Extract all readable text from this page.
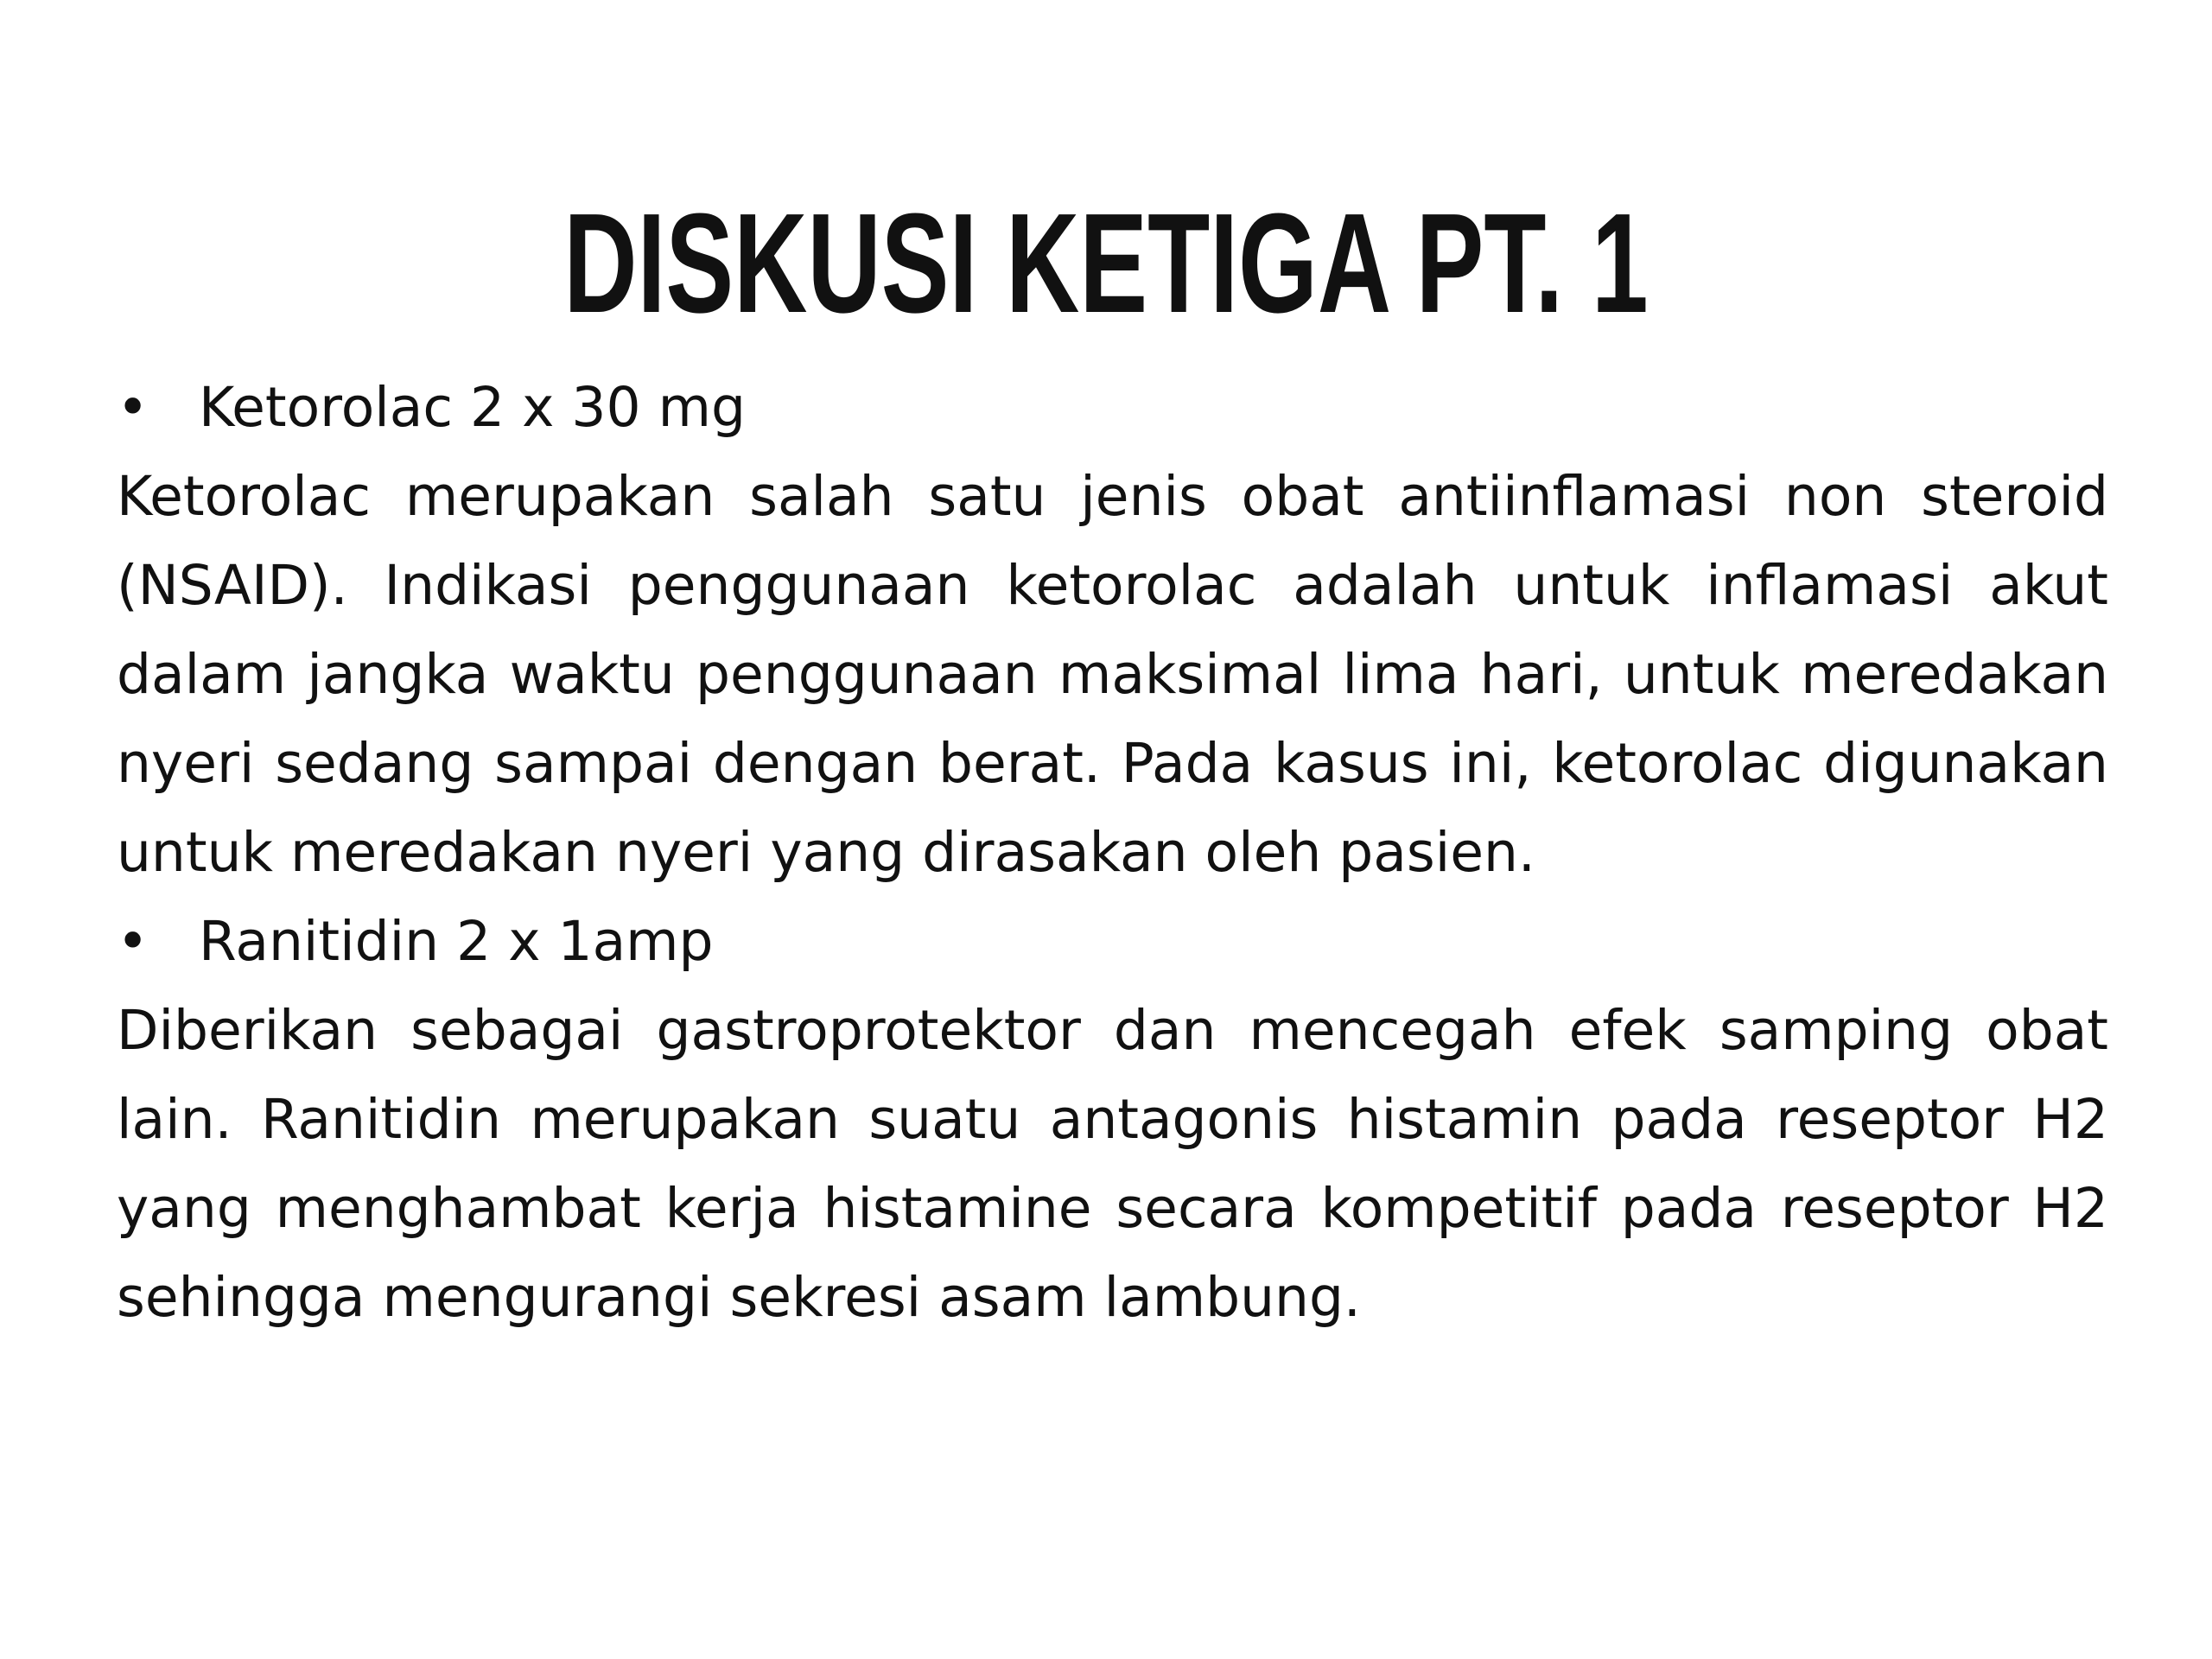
DISKUSI KETIGA PT. 1
• Ketorolac 2 x 30 mg

Ketorolac merupakan salah satu jenis obat antiinflamasi non steroid (NSAID). Indikasi penggunaan ketorolac adalah untuk inflamasi akut dalam jangka waktu penggunaan maksimal lima hari, untuk meredakan nyeri sedang sampai dengan berat. Pada kasus ini, ketorolac digunakan untuk meredakan nyeri yang dirasakan oleh pasien.

• Ranitidin 2 x 1amp

Diberikan sebagai gastroprotektor dan mencegah efek samping obat lain. Ranitidin merupakan suatu antagonis histamin pada reseptor H2 yang menghambat kerja histamine secara kompetitif pada reseptor H2 sehingga mengurangi sekresi asam lambung.
